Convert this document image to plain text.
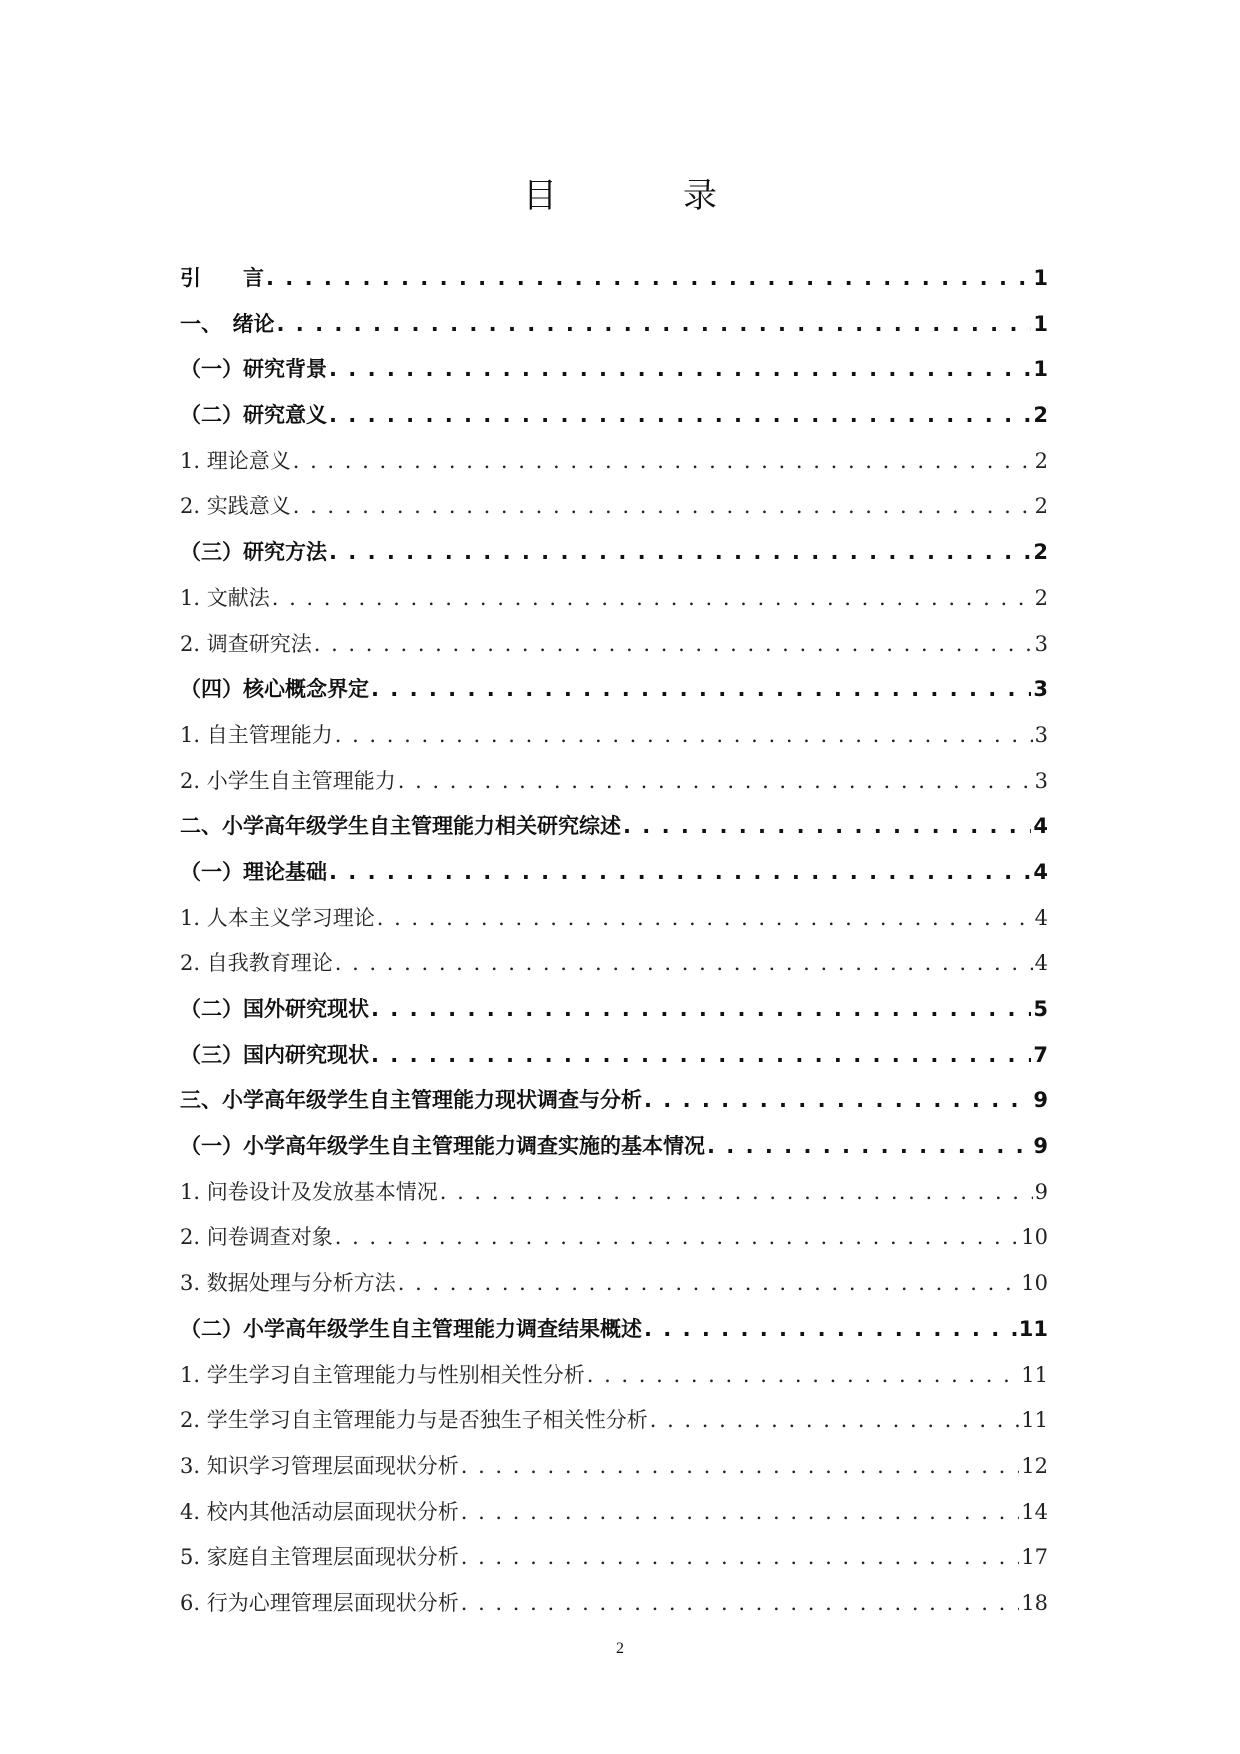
目　录
引　　言 . . .	1
一、　绪论 . . .	1
（一）研究背景 . . .	1
（二）研究意义 . . .	2
1. 理论意义 . . .	2
2. 实践意义 . . .	2
（三）研究方法 . . .	2
1. 文献法 . . .	2
2. 调查研究法 . . .	3
（四）核心概念界定 . . .	3
1. 自主管理能力 . . .	3
2. 小学生自主管理能力 . . .	3
二、小学高年级学生自主管理能力相关研究综述 . . .	4
（一）理论基础 . . .	4
1. 人本主义学习理论 . . .	4
2. 自我教育理论 . . .	4
（二）国外研究现状 . . .	5
（三）国内研究现状 . . .	7
三、小学高年级学生自主管理能力现状调查与分析 . . .	9
（一）小学高年级学生自主管理能力调查实施的基本情况 . . .	9
1. 问卷设计及发放基本情况 . . .	9
2. 问卷调查对象 . . .	10
3. 数据处理与分析方法 . . .	10
（二）小学高年级学生自主管理能力调查结果概述 . . .	11
1. 学生学习自主管理能力与性别相关性分析 . . .	11
2. 学生学习自主管理能力与是否独生子相关性分析 . . .	11
3. 知识学习管理层面现状分析 . . .	12
4. 校内其他活动层面现状分析 . . .	14
5. 家庭自主管理层面现状分析 . . .	17
6. 行为心理管理层面现状分析 . . .	18
2
